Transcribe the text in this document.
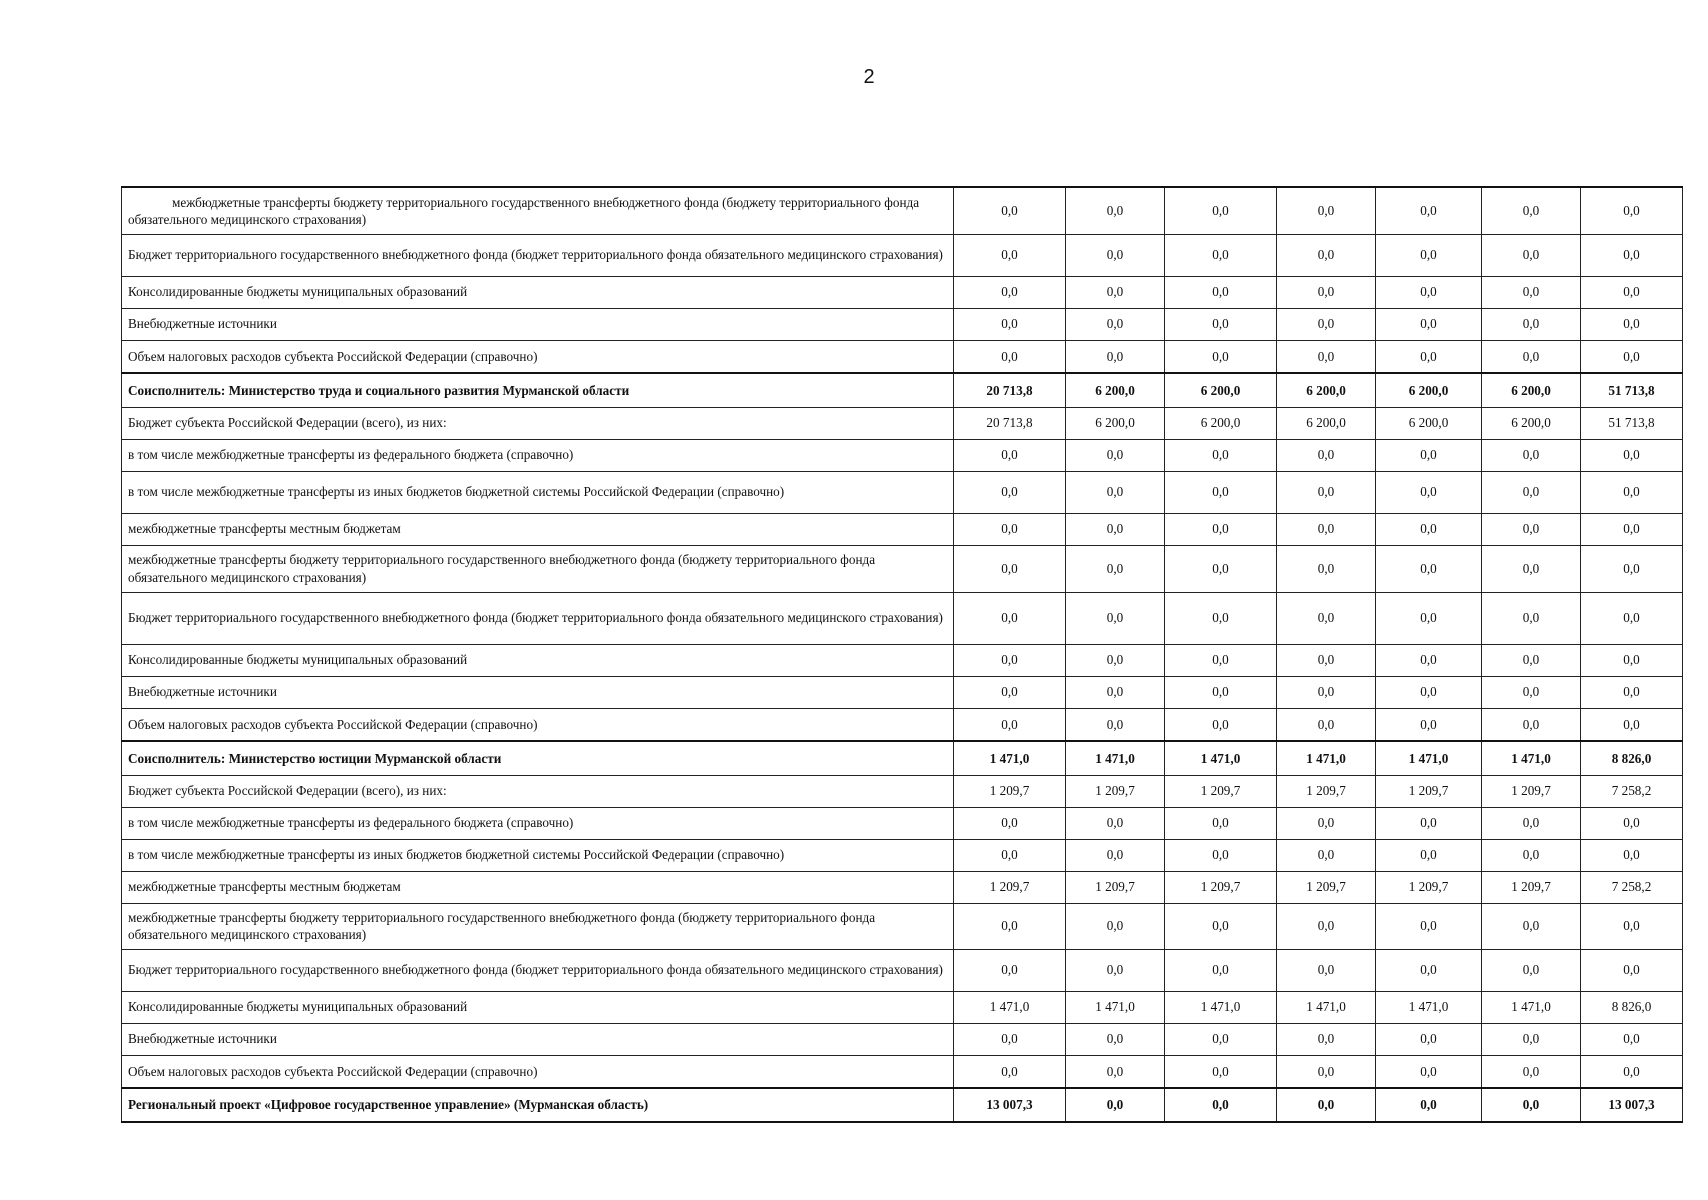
2
межбюджетные трансферты бюджету территориального государственного внебюджетного фонда (бюджету территориального фонда обязательного медицинского страхования)	0,0	0,0	0,0	0,0	0,0	0,0	0,0
Бюджет территориального государственного внебюджетного фонда (бюджет территориального фонда обязательного медицинского страхования)	0,0	0,0	0,0	0,0	0,0	0,0	0,0
Консолидированные бюджеты муниципальных образований	0,0	0,0	0,0	0,0	0,0	0,0	0,0
Внебюджетные источники	0,0	0,0	0,0	0,0	0,0	0,0	0,0
Объем налоговых расходов субъекта Российской Федерации (справочно)	0,0	0,0	0,0	0,0	0,0	0,0	0,0
Соисполнитель: Министерство труда и социального развития Мурманской области	20 713,8	6 200,0	6 200,0	6 200,0	6 200,0	6 200,0	51 713,8
Бюджет субъекта Российской Федерации (всего), из них:	20 713,8	6 200,0	6 200,0	6 200,0	6 200,0	6 200,0	51 713,8
в том числе межбюджетные трансферты из федерального бюджета (справочно)	0,0	0,0	0,0	0,0	0,0	0,0	0,0
в том числе межбюджетные трансферты из иных бюджетов бюджетной системы Российской Федерации (справочно)	0,0	0,0	0,0	0,0	0,0	0,0	0,0
межбюджетные трансферты местным бюджетам	0,0	0,0	0,0	0,0	0,0	0,0	0,0
межбюджетные трансферты бюджету территориального государственного внебюджетного фонда (бюджету территориального фонда обязательного медицинского страхования)	0,0	0,0	0,0	0,0	0,0	0,0	0,0
Бюджет территориального государственного внебюджетного фонда (бюджет территориального фонда обязательного медицинского страхования)	0,0	0,0	0,0	0,0	0,0	0,0	0,0
Консолидированные бюджеты муниципальных образований	0,0	0,0	0,0	0,0	0,0	0,0	0,0
Внебюджетные источники	0,0	0,0	0,0	0,0	0,0	0,0	0,0
Объем налоговых расходов субъекта Российской Федерации (справочно)	0,0	0,0	0,0	0,0	0,0	0,0	0,0
Соисполнитель: Министерство юстиции Мурманской области	1 471,0	1 471,0	1 471,0	1 471,0	1 471,0	1 471,0	8 826,0
Бюджет субъекта Российской Федерации (всего), из них:	1 209,7	1 209,7	1 209,7	1 209,7	1 209,7	1 209,7	7 258,2
в том числе межбюджетные трансферты из федерального бюджета (справочно)	0,0	0,0	0,0	0,0	0,0	0,0	0,0
в том числе межбюджетные трансферты из иных бюджетов бюджетной системы Российской Федерации (справочно)	0,0	0,0	0,0	0,0	0,0	0,0	0,0
межбюджетные трансферты местным бюджетам	1 209,7	1 209,7	1 209,7	1 209,7	1 209,7	1 209,7	7 258,2
межбюджетные трансферты бюджету территориального государственного внебюджетного фонда (бюджету территориального фонда обязательного медицинского страхования)	0,0	0,0	0,0	0,0	0,0	0,0	0,0
Бюджет территориального государственного внебюджетного фонда (бюджет территориального фонда обязательного медицинского страхования)	0,0	0,0	0,0	0,0	0,0	0,0	0,0
Консолидированные бюджеты муниципальных образований	1 471,0	1 471,0	1 471,0	1 471,0	1 471,0	1 471,0	8 826,0
Внебюджетные источники	0,0	0,0	0,0	0,0	0,0	0,0	0,0
Объем налоговых расходов субъекта Российской Федерации (справочно)	0,0	0,0	0,0	0,0	0,0	0,0	0,0
Региональный проект «Цифровое государственное управление» (Мурманская область)	13 007,3	0,0	0,0	0,0	0,0	0,0	13 007,3
